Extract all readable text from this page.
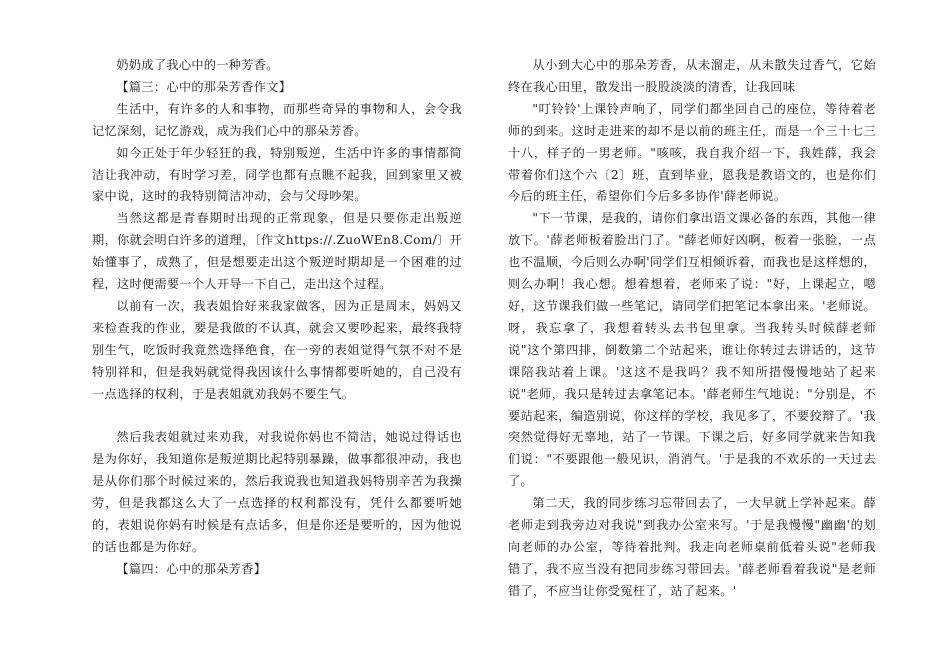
奶奶成了我心中的一种芳香。

【篇三：心中的那朵芳香作文】

生活中，有许多的人和事物，而那些奇异的事物和人，会令我记忆深刻，记忆游戏，成为我们心中的那朵芳香。

如今正处于年少轻狂的我，特别叛逆，生活中许多的事情都简洁让我冲动，有时学习差，同学也都有点瞧不起我，回到家里又被家中说，这时的我特别简洁冲动，会与父母吵架。

当然这都是青春期时出现的正常现象，但是只要你走出叛逆期，你就会明白许多的道理，〔作文https://.ZuoWEn8.Com/〕开始懂事了，成熟了，但是想要走出这个叛逆时期却是一个困难的过程，这时便需要一个人开导一下自己，走出这个过程。

以前有一次，我表姐恰好来我家做客，因为正是周末，妈妈又来检查我的作业，要是我做的不认真，就会又要吵起来，最终我特别生气，吃饭时我竟然选择绝食，在一旁的表姐觉得气氛不对不是特别祥和，但是我妈就觉得我因该什么事情都要听她的，自己没有一点选择的权利，于是表姐就劝我妈不要生气。

然后我表姐就过来劝我，对我说你妈也不简洁，她说过得话也是为你好，我知道你是叛逆期比起特别暴躁，做事都很冲动，我也是从你们那个时候过来的，然后我说我也知道我妈特别辛苦为我操劳，但是我都这么大了一点选择的权利都没有，凭什么都要听她的，表姐说你妈有时候是有点话多，但是你还是要听的，因为他说的话也都是为你好。

【篇四：心中的那朵芳香】

从小到大心中的那朵芳香，从未溜走，从未散失过香气，它始终在我心田里，散发出一股股淡淡的清香，让我回味

"叮铃铃'上课铃声响了，同学们都坐回自己的座位，等待着老师的到来。这时走进来的却不是以前的班主任，而是一个三十七三十八，样子的一男老师。"咳咳，我自我介绍一下，我姓薛，我会带着你们这个六〔2〕班，直到毕业，恩我是教语文的，也是你们今后的班主任，希望你们今后多多协作'薛老师说。

"下一节课，是我的，请你们拿出语文课必备的东西，其他一律放下。'薛老师板着脸出门了。"薛老师好凶啊，板着一张脸，一点也不温顺，今后则么办啊'同学们互相倾诉着，而我也是这样想的，则么办啊！我心想。想着想着，老师来了说："好，上课起立，嗯好，这节课我们做一些笔记，请同学们把笔记本拿出来。'老师说。呀，我忘拿了，我想着转头去书包里拿。当我转头时候薛老师说"这个第四排，倒数第二个站起来，谁让你转过去讲话的，这节课陪我站着上课。'这这不是我吗？我不知所措慢慢地站了起来说"老师，我只是转过去拿笔记本。'薛老师生气地说："分别是，不要站起来，编造别说，你这样的学校，我见多了，不要狡辩了。'我突然觉得好无辜地，站了一节课。下课之后，好多同学就来告知我们说："不要跟他一般见识，消消气。'于是我的不欢乐的一天过去了。

第二天，我的同步练习忘带回去了，一大早就上学补起来。薛老师走到我旁边对我说"到我办公室来写。'于是我慢慢"幽幽'的划向老师的办公室，等待着批判。我走向老师桌前低着头说"老师我错了，我不应当没有把同步练习带回去。'薛老师看着我说"是老师错了，不应当让你受冤枉了，站了起来。'
